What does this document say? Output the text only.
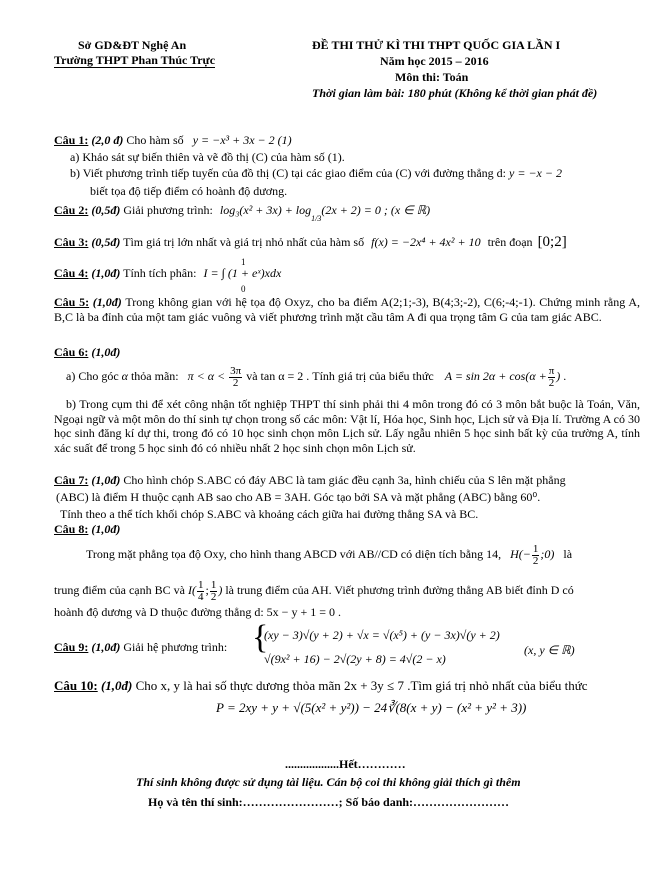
Sở GD&ĐT Nghệ An
Trường THPT Phan Thúc Trực
ĐỀ THI THỬ KÌ THI THPT QUỐC GIA LẦN I
Năm học 2015 – 2016
Môn thi: Toán
Thời gian làm bài: 180 phút (Không kể thời gian phát đề)
Câu 1: (2,0 đ) Cho hàm số y = −x³ + 3x − 2 (1)
a) Khảo sát sự biến thiên và vẽ đồ thị (C) của hàm số (1).
b) Viết phương trình tiếp tuyến của đồ thị (C) tại các giao điểm của (C) với đường thẳng d: y = −x − 2
biết tọa độ tiếp điểm có hoành độ dương.
Câu 2: (0,5đ) Giải phương trình: $\log_3(x^2 + 3x) + \log_{1/3}(2x + 2) = 0$ ; (x ∈ ℝ)
Câu 3: (0,5đ) Tìm giá trị lớn nhất và giá trị nhỏ nhất của hàm số f(x) = −2x⁴ + 4x² + 10 trên đoạn [0;2]
Câu 4: (1,0đ) Tính tích phân: I = ∫ (1 + eˣ)xdx
1
0
Câu 5: (1,0đ) Trong không gian với hệ tọa độ Oxyz, cho ba điểm A(2;1;-3), B(4;3;-2), C(6;-4;-1). Chứng minh rằng A, B,C là ba đỉnh của một tam giác vuông và viết phương trình mặt cầu tâm A đi qua trọng tâm G của tam giác ABC.
Câu 6: (1,0đ)
a) Cho góc α thỏa mãn: $\pi < \alpha < \frac{3\pi}{2}$ và tan α = 2 . Tính giá trị của biểu thức $A = \sin 2\alpha + \cos(\alpha + \frac{\pi}{2}$ ) .
b) Trong cụm thi để xét công nhận tốt nghiệp THPT thí sinh phải thi 4 môn trong đó có 3 môn bắt buộc là Toán, Văn, Ngoại ngữ và một môn do thí sinh tự chọn trong số các môn: Vật lí, Hóa học, Sinh học, Lịch sử và Địa lí. Trường A có 30 học sinh đăng kí dự thi, trong đó có 10 học sinh chọn môn Lịch sử. Lấy ngẫu nhiên 5 học sinh bất kỳ của trường A, tính xác suất để trong 5 học sinh đó có nhiều nhất 2 học sinh chọn môn Lịch sử.
Câu 7: (1,0đ) Cho hình chóp S.ABC có đáy ABC là tam giác đều cạnh 3a, hình chiếu của S lên mặt phẳng
(ABC) là điểm H thuộc cạnh AB sao cho AB = 3AH. Góc tạo bởi SA và mặt phẳng (ABC) bằng 60⁰.
Tính theo a thể tích khối chóp S.ABC và khoảng cách giữa hai đường thẳng SA và BC.
Câu 8: (1,0đ)
Trong mặt phẳng tọa độ Oxy, cho hình thang ABCD với AB//CD có diện tích bằng 14, $H(- \frac{1}{2}$ ;0) là
trung điểm của cạnh BC và $I( \frac{1}{4}$ ; $\frac{1}{2}$ ) là trung điểm của AH. Viết phương trình đường thẳng AB biết đỉnh D có
hoành độ dương và D thuộc đường thẳng d: 5x − y + 1 = 0 .
Câu 9: (1,0đ) Giải hệ phương trình: {
(xy − 3)√(y + 2) + √x = √(x⁵) + (y − 3x)√(y + 2)
√(9x² + 16) − 2√(2y + 8) = 4√(2 − x)
(x, y ∈ ℝ)
Câu 10: (1,0đ) Cho x, y là hai số thực dương thỏa mãn 2x + 3y ≤ 7 .Tìm giá trị nhỏ nhất của biểu thức
P = 2xy + y + √(5(x² + y²)) − 24∛(8(x + y) − (x² + y² + 3))
..................Hết…………
Thí sinh không được sử dụng tài liệu. Cán bộ coi thi không giải thích gì thêm
Họ và tên thí sinh:……………………; Số báo danh:……………………
